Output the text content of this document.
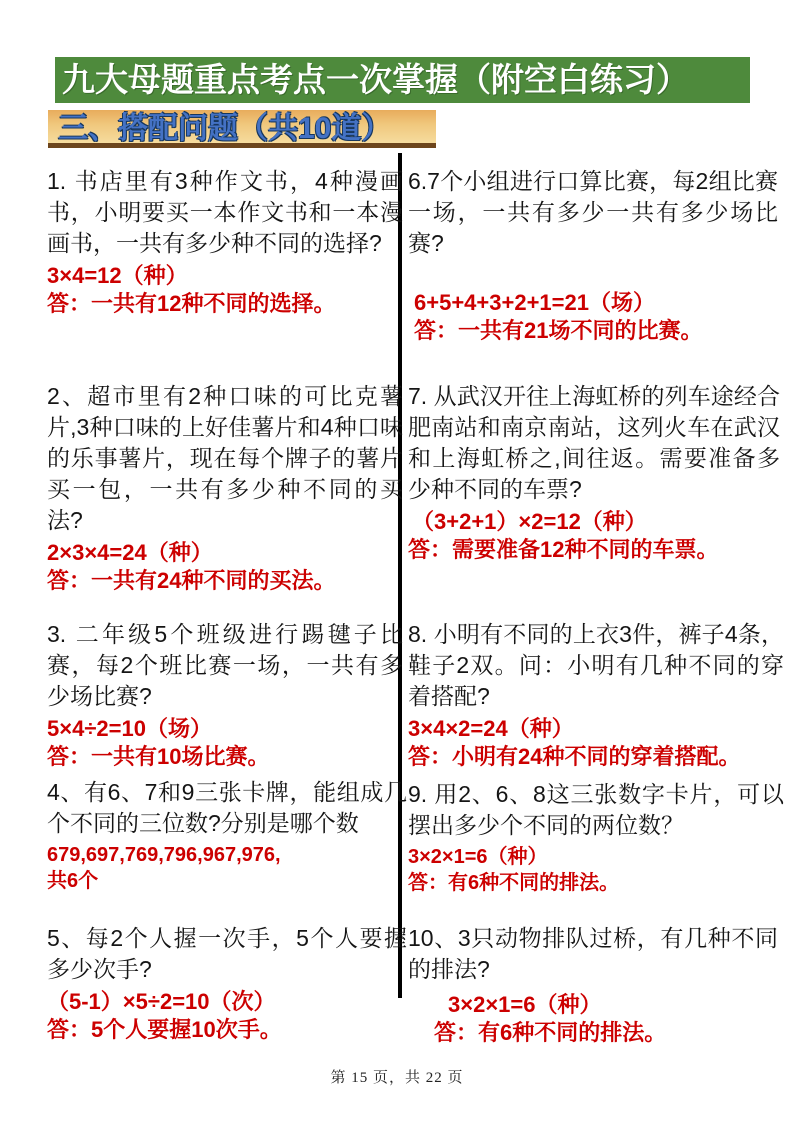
九大母题重点考点一次掌握（附空白练习）
三、搭配问题（共10道）
1. 书店里有3种作文书，4种漫画书，小明要买一本作文书和一本漫画书，一共有多少种不同的选择?
3×4=12（种）
答：一共有12种不同的选择。
2、超市里有2种口味的可比克薯片,3种口味的上好佳薯片和4种口味的乐事薯片，现在每个牌子的薯片买一包，一共有多少种不同的买法?
2×3×4=24（种）
答：一共有24种不同的买法。
3. 二年级5个班级进行踢毽子比赛，每2个班比赛一场，一共有多少场比赛?
5×4÷2=10（场）
答：一共有10场比赛。
4、有6、7和9三张卡牌，能组成几个不同的三位数?分别是哪个数
679,697,769,796,967,976,
共6个
5、每2个人握一次手，5个人要握多少次手?
（5-1）×5÷2=10（次）
答：5个人要握10次手。
6.7个小组进行口算比赛，每2组比赛一场，一共有多少一共有多少场比赛?
6+5+4+3+2+1=21（场）
答：一共有21场不同的比赛。
7. 从武汉开往上海虹桥的列车途经合肥南站和南京南站，这列火车在武汉和上海虹桥之,间往返。需要准备多少种不同的车票?
（3+2+1）×2=12（种）
答：需要准备12种不同的车票。
8. 小明有不同的上衣3件，裤子4条，鞋子2双。问：小明有几种不同的穿着搭配?
3×4×2=24（种）
答：小明有24种不同的穿着搭配。
9. 用2、6、8这三张数字卡片，可以摆出多少个不同的两位数？
3×2×1=6（种）
答：有6种不同的排法。
10、3只动物排队过桥，有几种不同的排法?
3×2×1=6（种）
答：有6种不同的排法。
第 15 页，共 22 页
